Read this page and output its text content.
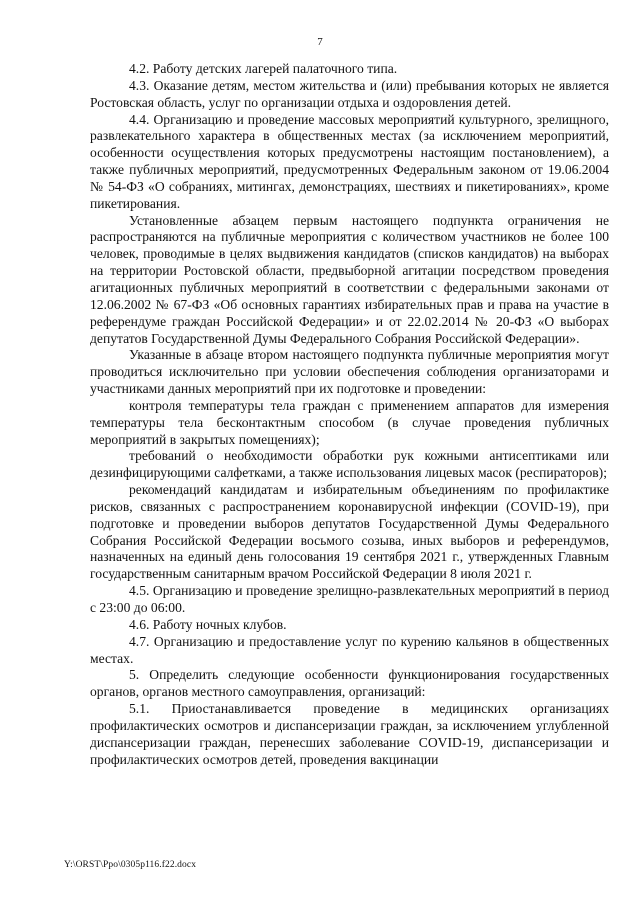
7

4.2. Работу детских лагерей палаточного типа.

4.3. Оказание детям, местом жительства и (или) пребывания которых не является Ростовская область, услуг по организации отдыха и оздоровления детей.

4.4. Организацию и проведение массовых мероприятий культурного, зрелищного, развлекательного характера в общественных местах (за исключением мероприятий, особенности осуществления которых предусмотрены настоящим постановлением), а также публичных мероприятий, предусмотренных Федеральным законом от 19.06.2004 № 54-ФЗ «О собраниях, митингах, демонстрациях, шествиях и пикетированиях», кроме пикетирования.

Установленные абзацем первым настоящего подпункта ограничения не распространяются на публичные мероприятия с количеством участников не более 100 человек, проводимые в целях выдвижения кандидатов (списков кандидатов) на выборах на территории Ростовской области, предвыборной агитации посредством проведения агитационных публичных мероприятий в соответствии с федеральными законами от 12.06.2002 № 67-ФЗ «Об основных гарантиях избирательных прав и права на участие в референдуме граждан Российской Федерации» и от 22.02.2014 № 20-ФЗ «О выборах депутатов Государственной Думы Федерального Собрания Российской Федерации».

Указанные в абзаце втором настоящего подпункта публичные мероприятия могут проводиться исключительно при условии обеспечения соблюдения организаторами и участниками данных мероприятий при их подготовке и проведении:

контроля температуры тела граждан с применением аппаратов для измерения температуры тела бесконтактным способом (в случае проведения публичных мероприятий в закрытых помещениях);

требований о необходимости обработки рук кожными антисептиками или дезинфицирующими салфетками, а также использования лицевых масок (респираторов);

рекомендаций кандидатам и избирательным объединениям по профилактике рисков, связанных с распространением коронавирусной инфекции (COVID-19), при подготовке и проведении выборов депутатов Государственной Думы Федерального Собрания Российской Федерации восьмого созыва, иных выборов и референдумов, назначенных на единый день голосования 19 сентября 2021 г., утвержденных Главным государственным санитарным врачом Российской Федерации 8 июля 2021 г.

4.5. Организацию и проведение зрелищно-развлекательных мероприятий в период с 23:00 до 06:00.

4.6. Работу ночных клубов.

4.7. Организацию и предоставление услуг по курению кальянов в общественных местах.

5. Определить следующие особенности функционирования государственных органов, органов местного самоуправления, организаций:

5.1. Приостанавливается проведение в медицинских организациях профилактических осмотров и диспансеризации граждан, за исключением углубленной диспансеризации граждан, перенесших заболевание COVID-19, диспансеризации и профилактических осмотров детей, проведения вакцинации

Y:\ORST\Ppo\0305p116.f22.docx
